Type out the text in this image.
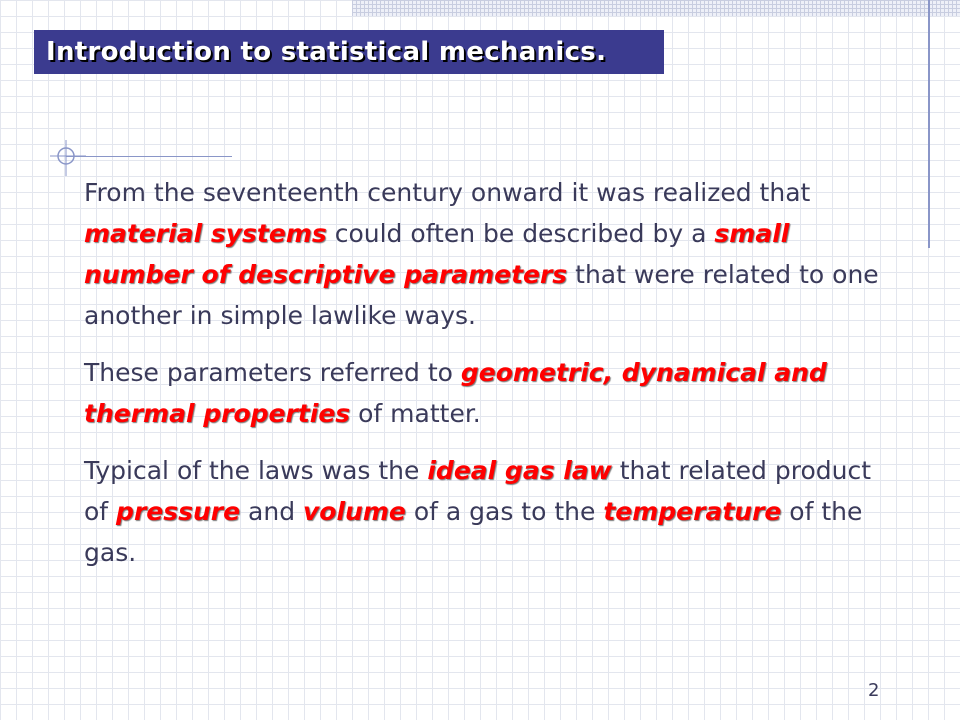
Introduction to statistical mechanics.

From the seventeenth century onward it was realized that material systems could often be described by a small number of descriptive parameters that were related to one another in simple lawlike ways.

These parameters referred to geometric, dynamical and thermal properties of matter.

Typical of the laws was the ideal gas law that related product of pressure and volume of a gas to the temperature of the gas.

2
